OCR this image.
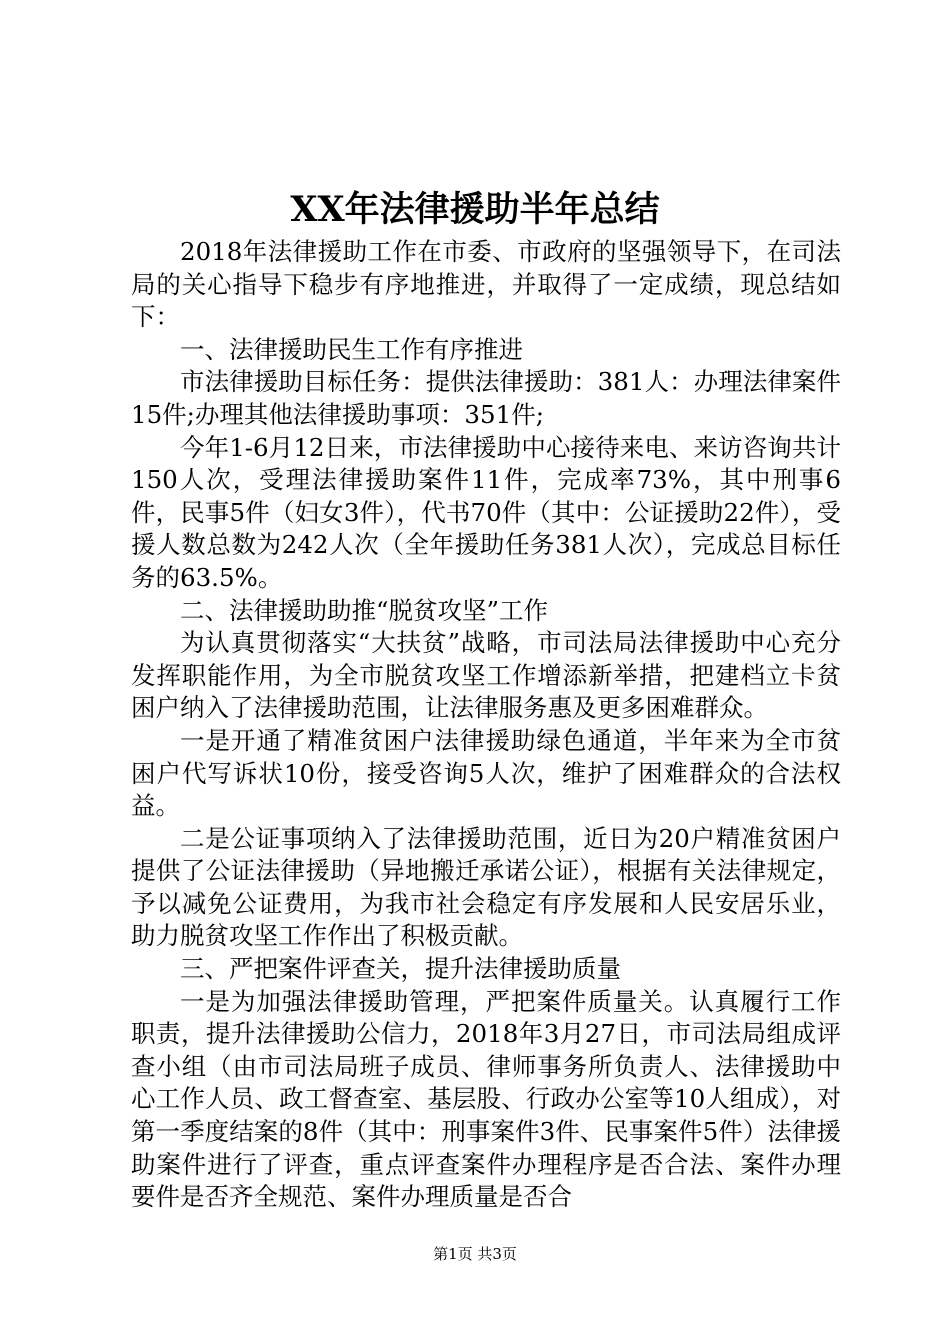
XX年法律援助半年总结

2018年法律援助工作在市委、市政府的坚强领导下，在司法局的关心指导下稳步有序地推进，并取得了一定成绩，现总结如下：

一、法律援助民生工作有序推进

市法律援助目标任务：提供法律援助：381人：办理法律案件15件;办理其他法律援助事项：351件;

今年1-6月12日来，市法律援助中心接待来电、来访咨询共计150人次，受理法律援助案件11件，完成率73%，其中刑事6件，民事5件（妇女3件），代书70件（其中：公证援助22件），受援人数总数为242人次（全年援助任务381人次），完成总目标任务的63.5%。

二、法律援助助推“脱贫攻坚”工作

为认真贯彻落实“大扶贫”战略，市司法局法律援助中心充分发挥职能作用，为全市脱贫攻坚工作增添新举措，把建档立卡贫困户纳入了法律援助范围，让法律服务惠及更多困难群众。

一是开通了精准贫困户法律援助绿色通道，半年来为全市贫困户代写诉状10份，接受咨询5人次，维护了困难群众的合法权益。

二是公证事项纳入了法律援助范围，近日为20户精准贫困户提供了公证法律援助（异地搬迁承诺公证），根据有关法律规定，予以减免公证费用，为我市社会稳定有序发展和人民安居乐业，助力脱贫攻坚工作作出了积极贡献。

三、严把案件评查关，提升法律援助质量

一是为加强法律援助管理，严把案件质量关。认真履行工作职责，提升法律援助公信力，2018年3月27日，市司法局组成评查小组（由市司法局班子成员、律师事务所负责人、法律援助中心工作人员、政工督查室、基层股、行政办公室等10人组成），对第一季度结案的8件（其中：刑事案件3件、民事案件5件）法律援助案件进行了评查，重点评查案件办理程序是否合法、案件办理要件是否齐全规范、案件办理质量是否合

第1页 共3页
